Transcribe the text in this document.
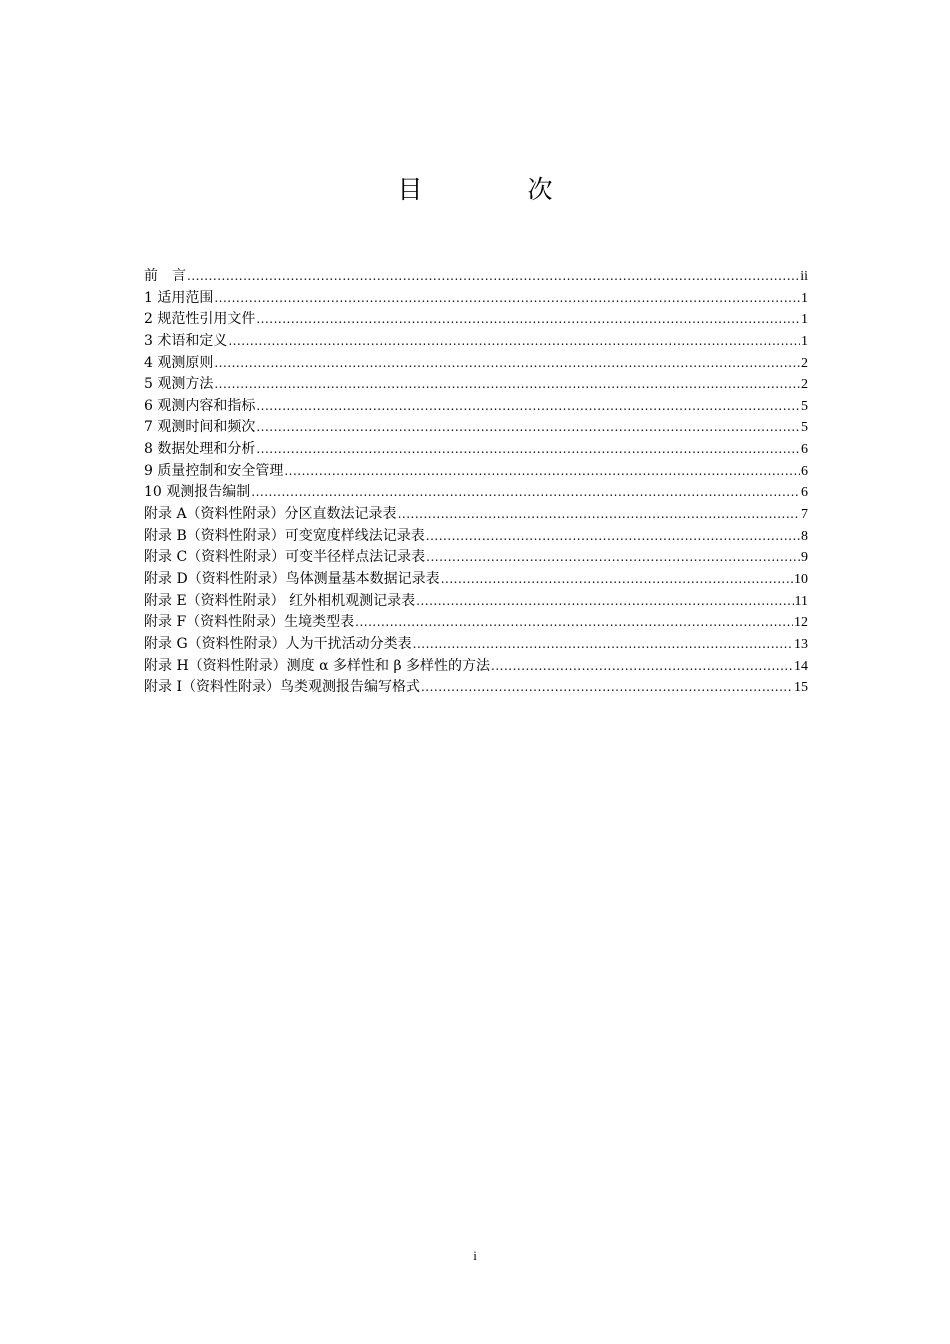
目　次
前　言 .....	ii
1 适用范围 .....	1
2 规范性引用文件 .....	1
3 术语和定义 .....	1
4 观测原则 .....	2
5 观测方法 .....	2
6 观测内容和指标 .....	5
7 观测时间和频次 .....	5
8 数据处理和分析 .....	6
9 质量控制和安全管理 .....	6
10 观测报告编制 .....	6
附录 A（资料性附录）分区直数法记录表 .....	7
附录 B（资料性附录）可变宽度样线法记录表 .....	8
附录 C（资料性附录）可变半径样点法记录表 .....	9
附录 D（资料性附录）鸟体测量基本数据记录表 .....	10
附录 E（资料性附录） 红外相机观测记录表 .....	11
附录 F（资料性附录）生境类型表 .....	12
附录 G（资料性附录）人为干扰活动分类表 .....	13
附录 H（资料性附录）测度 α 多样性和 β 多样性的方法 .....	14
附录 I（资料性附录）鸟类观测报告编写格式 .....	15
i
